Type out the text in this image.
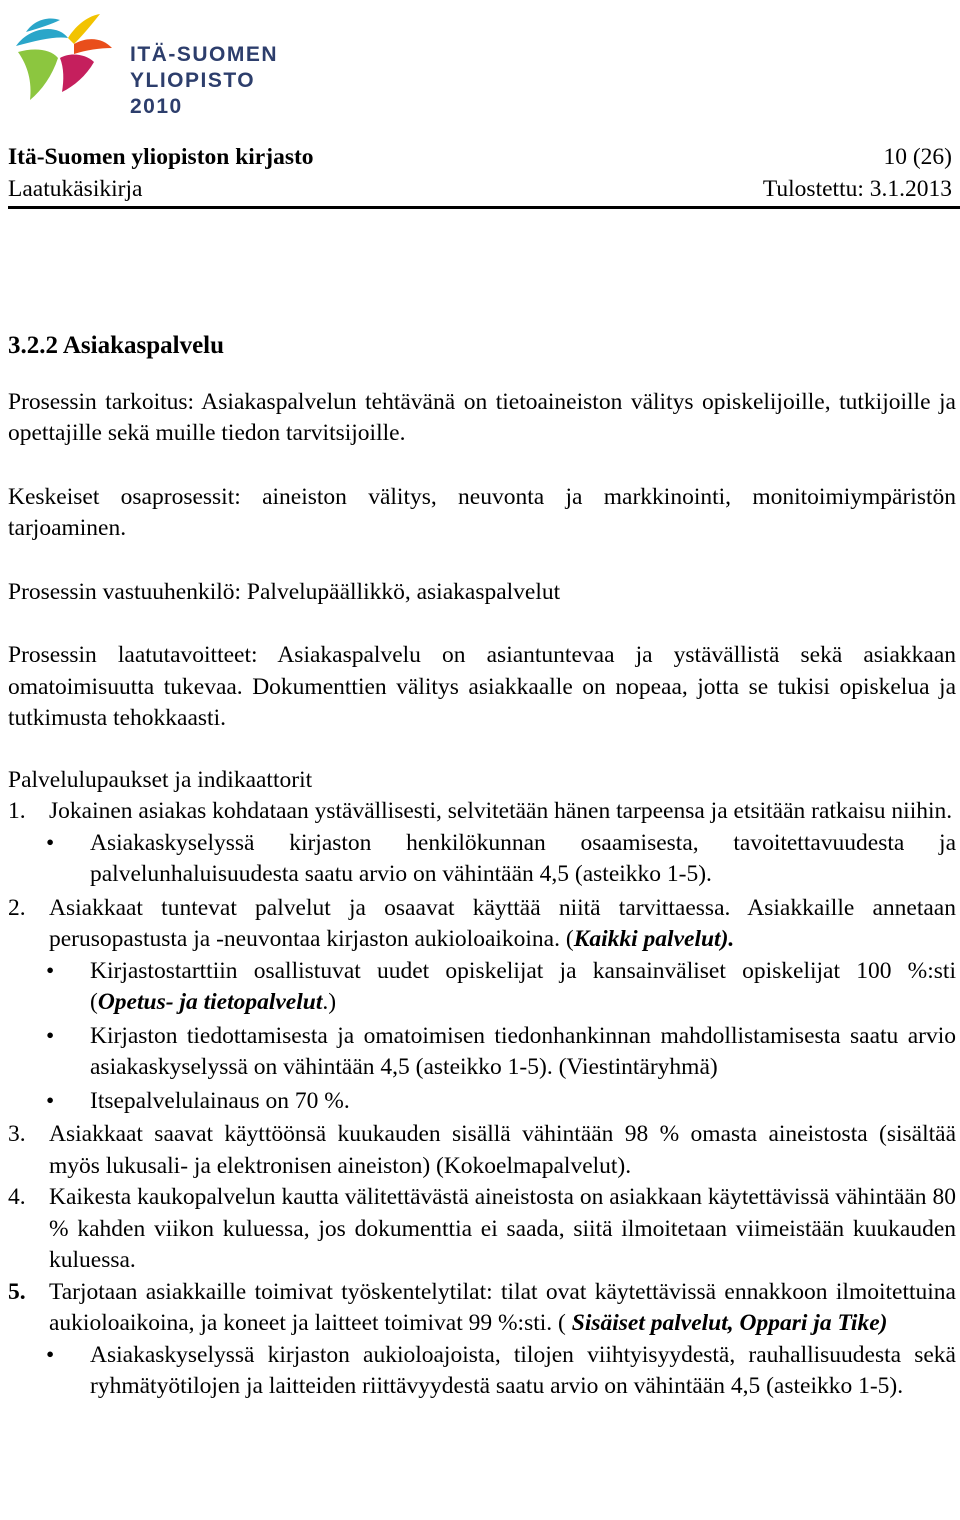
ITÄ-SUOMEN
YLIOPISTO 2010
Itä-Suomen yliopiston kirjasto	10 (26)
Laatukäsikirja	Tulostettu: 3.1.2013
3.2.2 Asiakaspalvelu

Prosessin tarkoitus: Asiakaspalvelun tehtävänä on tietoaineiston välitys opiskelijoille, tutkijoille ja opettajille sekä muille tiedon tarvitsijoille.

Keskeiset osaprosessit: aineiston välitys, neuvonta ja markkinointi, monitoimiympäristön tarjoaminen.

Prosessin vastuuhenkilö: Palvelupäällikkö, asiakaspalvelut

Prosessin laatutavoitteet: Asiakaspalvelu on asiantuntevaa ja ystävällistä sekä asiakkaan omatoimisuutta tukevaa. Dokumenttien välitys asiakkaalle on nopeaa, jotta se tukisi opiskelua ja tutkimusta tehokkaasti.

Palvelulupaukset ja indikaattorit
1. Jokainen asiakas kohdataan ystävällisesti, selvitetään hänen tarpeensa ja etsitään ratkaisu niihin.
•	Asiakaskyselyssä kirjaston henkilökunnan osaamisesta, tavoitettavuudesta ja palvelunhaluisuudesta saatu arvio on vähintään 4,5 (asteikko 1-5).
2. Asiakkaat tuntevat palvelut ja osaavat käyttää niitä tarvittaessa. Asiakkaille annetaan perusopastusta ja -neuvontaa kirjaston aukioloaikoina. (Kaikki palvelut).
•	Kirjastostarttiin osallistuvat uudet opiskelijat ja kansainväliset opiskelijat 100 %:sti (Opetus- ja tietopalvelut.)
•	Kirjaston tiedottamisesta ja omatoimisen tiedonhankinnan mahdollistamisesta saatu arvio asiakaskyselyssä on vähintään 4,5 (asteikko 1-5). (Viestintäryhmä)
•	Itsepalvelulainaus on 70 %.
3. Asiakkaat saavat käyttöönsä kuukauden sisällä vähintään 98 % omasta aineistosta (sisältää myös lukusali- ja elektronisen aineiston) (Kokoelmapalvelut).
4. Kaikesta kaukopalvelun kautta välitettävästä aineistosta on asiakkaan käytettävissä vähintään 80 % kahden viikon kuluessa, jos dokumenttia ei saada, siitä ilmoitetaan viimeistään kuukauden kuluessa.
5. Tarjotaan asiakkaille toimivat työskentelytilat: tilat ovat käytettävissä ennakkoon ilmoitettuina aukioloaikoina, ja koneet ja laitteet toimivat 99 %:sti. ( Sisäiset palvelut, Oppari ja Tike)
•	Asiakaskyselyssä kirjaston aukioloajoista, tilojen viihtyisyydestä, rauhallisuudesta sekä ryhmätyötilojen ja laitteiden riittävyydestä saatu arvio on vähintään 4,5 (asteikko 1-5).
